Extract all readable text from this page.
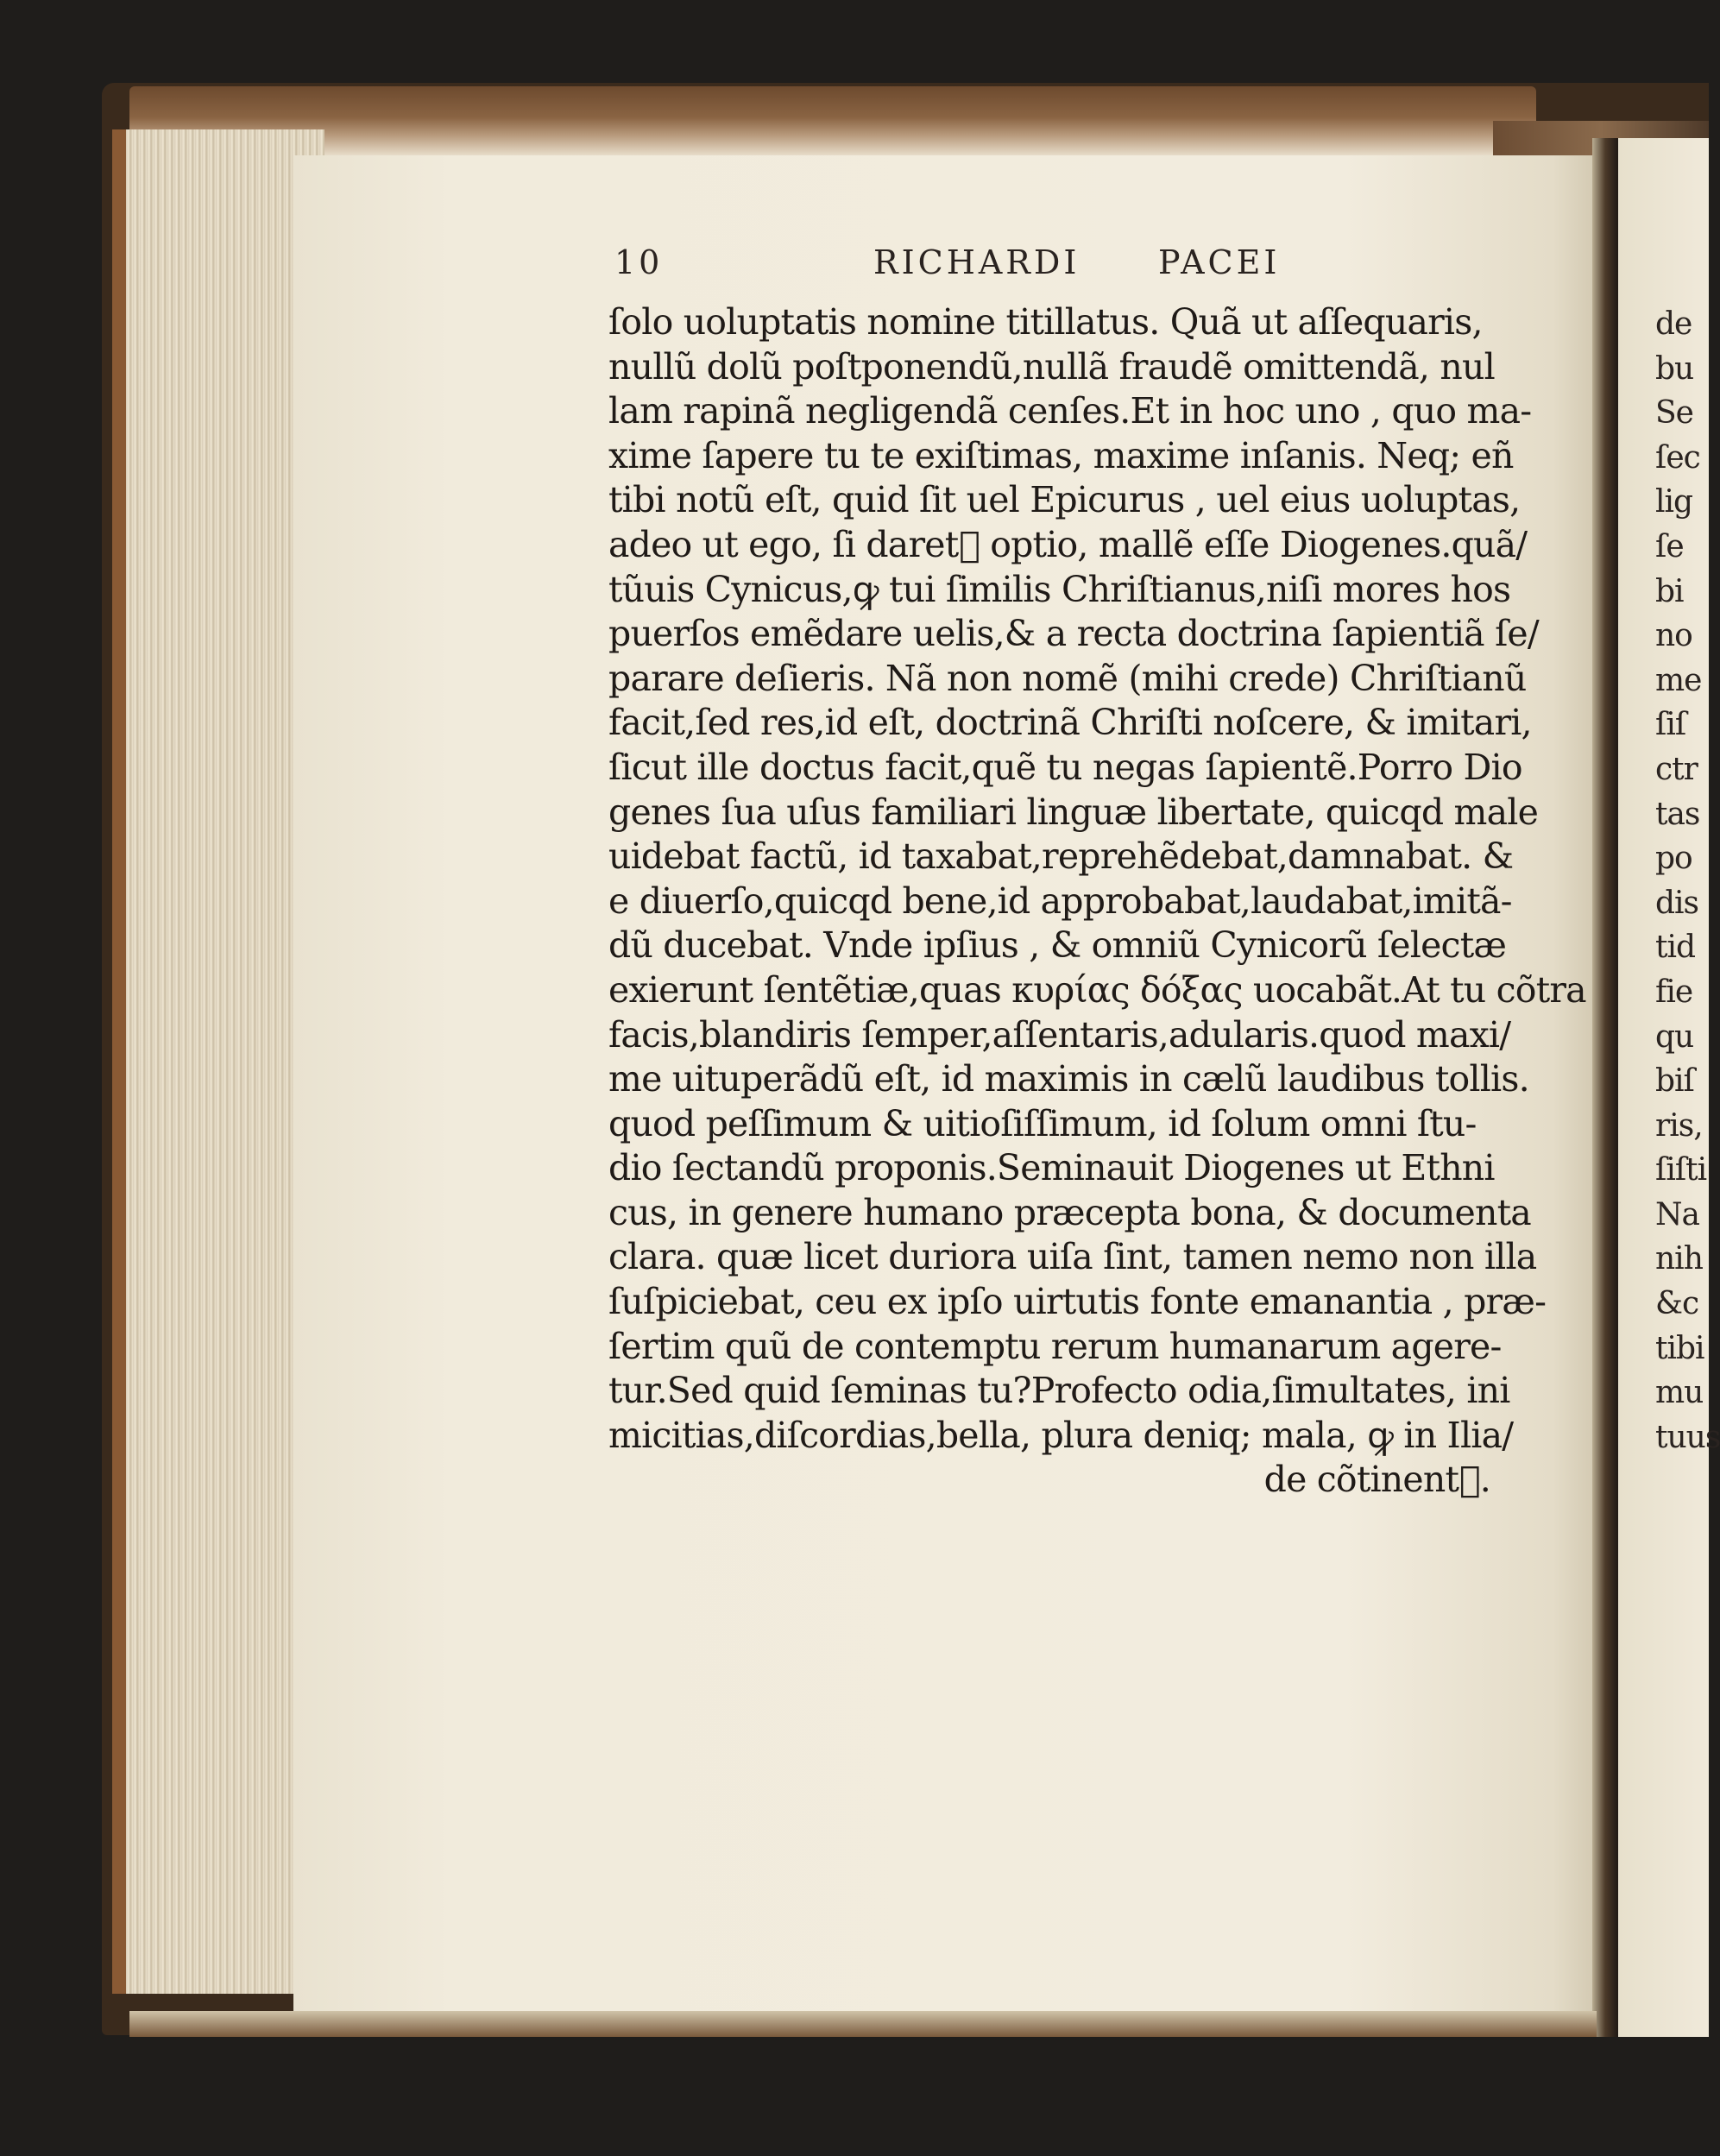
10	RICHARDI PACEI
ſolo uoluptatis nomine titillatus. Quã ut aſſequaris,
nullũ dolũ poſtponendũ,nullã fraudẽ omittendã, nul
lam rapinã negligendã cenſes.Et in hoc uno , quo ma-
xime ſapere tu te exiſtimas, maxime inſanis. Neq; eñ
tibi notũ eſt, quid ſit uel Epicurus , uel eius uoluptas,
adeo ut ego, ſi daret᷑ optio, mallẽ eſſe Diogenes.quã/
tũuis Cynicus,ꝙ tui ſimilis Chriſtianus,niſi mores hos
puerſos emẽdare uelis,& a recta doctrina ſapientiã ſe/
parare deſieris. Nã non nomẽ (mihi crede) Chriſtianũ
facit,ſed res,id eſt, doctrinã Chriſti noſcere, & imitari,
ſicut ille doctus facit,quẽ tu negas ſapientẽ.Porro Dio
genes ſua uſus familiari linguæ libertate, quicqd male
uidebat factũ, id taxabat,reprehẽdebat,damnabat. &
e diuerſo,quicqd bene,id approbabat,laudabat,imitã-
dũ ducebat. Vnde ipſius , & omniũ Cynicorũ ſelectæ
exierunt ſentẽtiæ,quas κυρίας δόξας uocabãt.At tu cõtra
facis,blandiris ſemper,aſſentaris,adularis.quod maxi/
me uituperãdũ eſt, id maximis in cælũ laudibus tollis.
quod peſſimum & uitioſiſſimum, id ſolum omni ſtu-
dio ſectandũ proponis.Seminauit Diogenes ut Ethni
cus, in genere humano præcepta bona, & documenta
clara. quæ licet duriora uiſa ſint, tamen nemo non illa
ſuſpiciebat, ceu ex ipſo uirtutis fonte emanantia , præ-
ſertim quũ de contemptu rerum humanarum agere-
tur.Sed quid ſeminas tu?Profecto odia,ſimultates, ini
micitias,diſcordias,bella, plura deniq; mala, ꝙ in Ilia/
de cõtinent᷑.
de
bu
Se
ſec
lig
ſe
bi
no
me
ſiſ
ctr
tas
po
dis
tid
fie
qu
biſ
ris,
ſiſti
Na
nih
&c
tibi
mu
tuus
